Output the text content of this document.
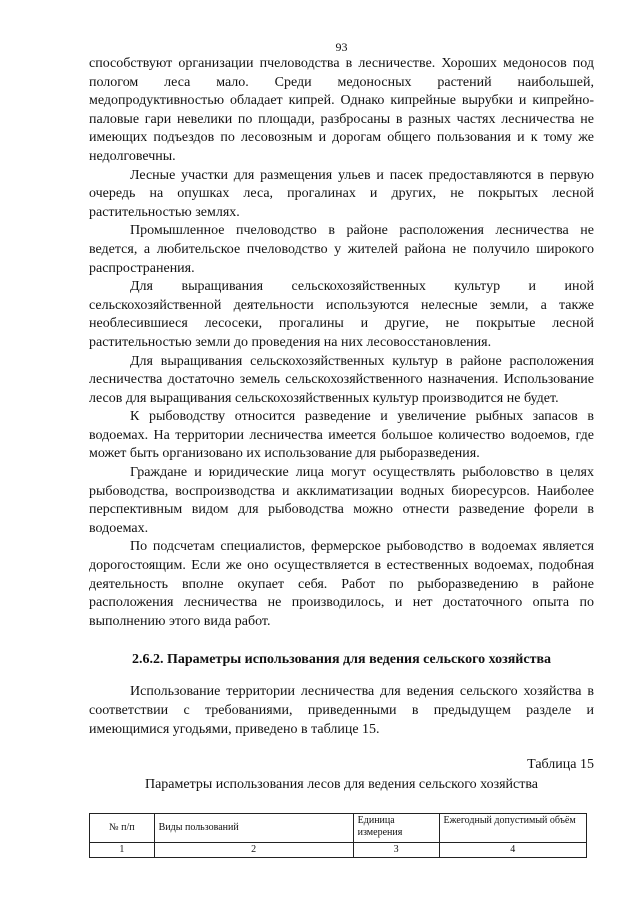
93

способствуют организации пчеловодства в лесничестве. Хороших медоносов под пологом леса мало. Среди медоносных растений наибольшей, медопродуктивностью обладает кипрей. Однако кипрейные вырубки и кипрейно-паловые гари невелики по площади, разбросаны в разных частях лесничества не имеющих подъездов по лесовозным и дорогам общего пользования и к тому же недолговечны.

Лесные участки для размещения ульев и пасек предоставляются в первую очередь на опушках леса, прогалинах и других, не покрытых лесной растительностью землях.

Промышленное пчеловодство в районе расположения лесничества не ведется, а любительское пчеловодство у жителей района не получило широкого распространения.

Для выращивания сельскохозяйственных культур и иной сельскохозяйственной деятельности используются нелесные земли, а также необлесившиеся лесосеки, прогалины и другие, не покрытые лесной растительностью земли до проведения на них лесовосстановления.

Для выращивания сельскохозяйственных культур в районе расположения лесничества достаточно земель сельскохозяйственного назначения. Использование лесов для выращивания сельскохозяйственных культур производится не будет.

К рыбоводству относится разведение и увеличение рыбных запасов в водоемах. На территории лесничества имеется большое количество водоемов, где может быть организовано их использование для рыборазведения.

Граждане и юридические лица могут осуществлять рыболовство в целях рыбоводства, воспроизводства и акклиматизации водных биоресурсов. Наиболее перспективным видом для рыбоводства можно отнести разведение форели в водоемах.

По подсчетам специалистов, фермерское рыбоводство в водоемах является дорогостоящим. Если же оно осуществляется в естественных водоемах, подобная деятельность вполне окупает себя. Работ по рыборазведению в районе расположения лесничества не производилось, и нет достаточного опыта по выполнению этого вида работ.

2.6.2. Параметры использования для ведения сельского хозяйства

Использование территории лесничества для ведения сельского хозяйства в соответствии с требованиями, приведенными в предыдущем разделе и имеющимися угодьями, приведено в таблице 15.

Таблица 15
Параметры использования лесов для ведения сельского хозяйства
№ п/п	Виды пользований	Единица измерения	Ежегодный допустимый объём
1	2	3	4
